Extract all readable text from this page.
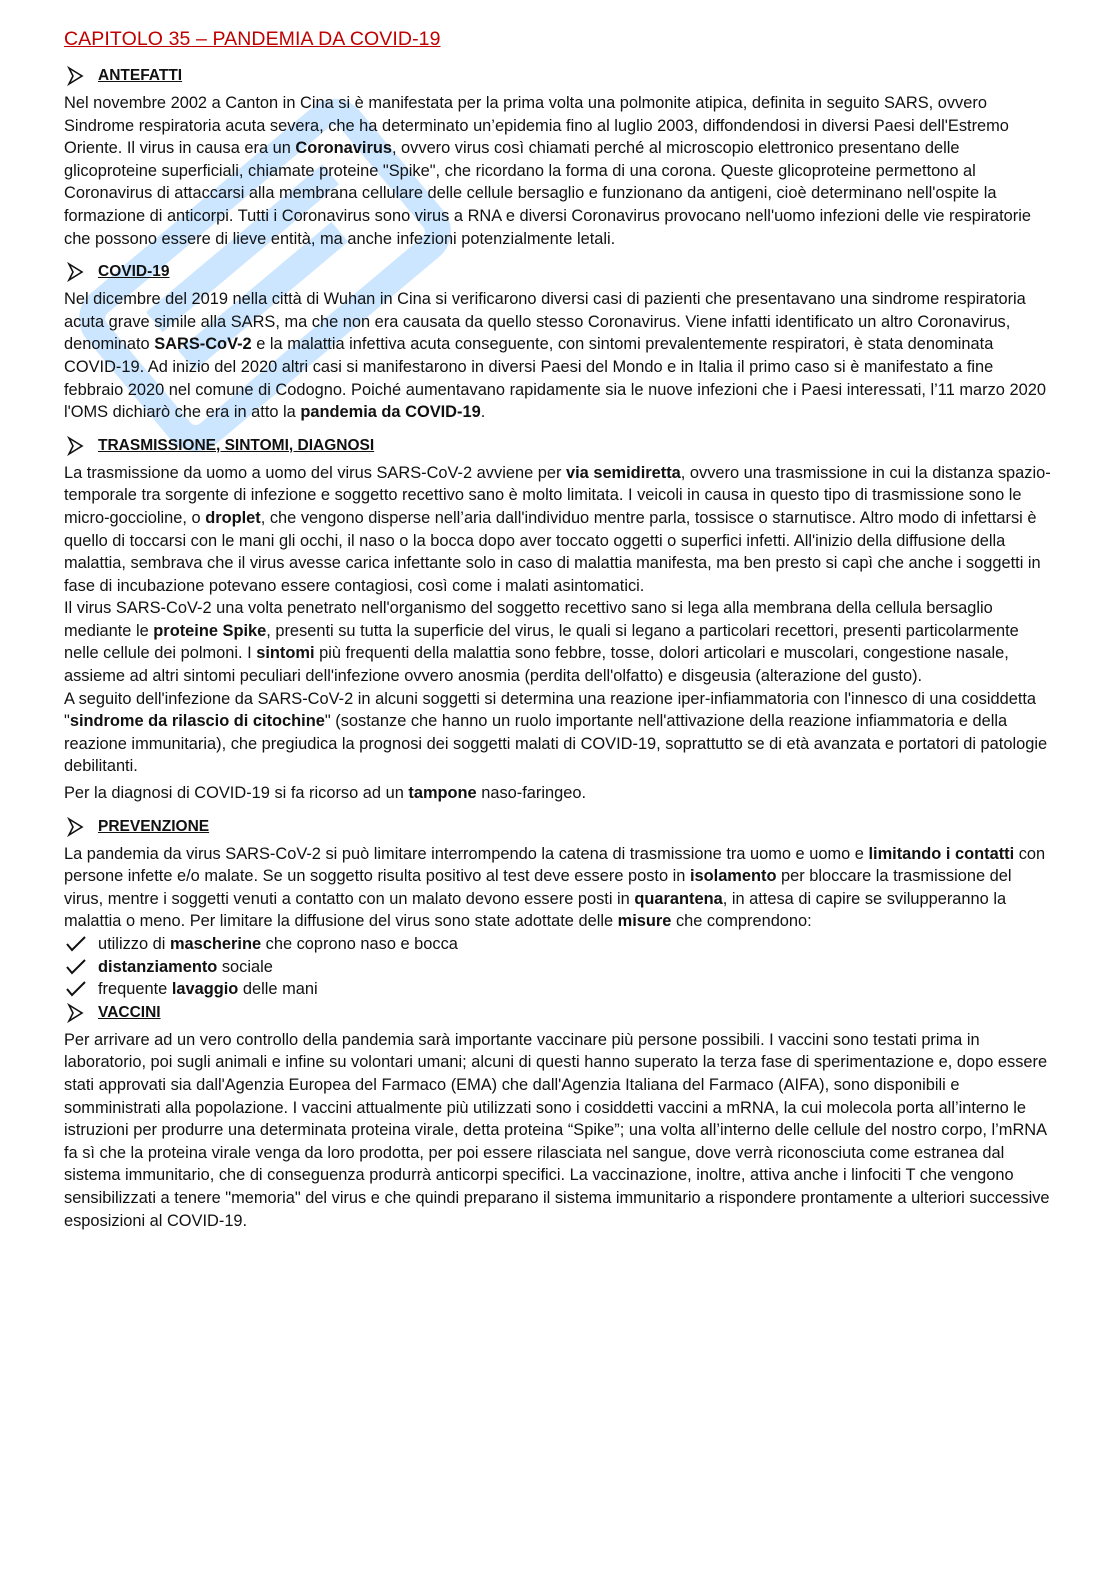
CAPITOLO 35 – PANDEMIA DA COVID-19
ANTEFATTI

Nel novembre 2002 a Canton in Cina si è manifestata per la prima volta una polmonite atipica, definita in seguito SARS, ovvero Sindrome respiratoria acuta severa, che ha determinato un’epidemia fino al luglio 2003, diffondendosi in diversi Paesi dell'Estremo Oriente. Il virus in causa era un Coronavirus, ovvero virus così chiamati perché al microscopio elettronico presentano delle glicoproteine superficiali, chiamate proteine "Spike", che ricordano la forma di una corona. Queste glicoproteine permettono al Coronavirus di attaccarsi alla membrana cellulare delle cellule bersaglio e funzionano da antigeni, cioè determinano nell'ospite la formazione di anticorpi. Tutti i Coronavirus sono virus a RNA e diversi Coronavirus provocano nell'uomo infezioni delle vie respiratorie che possono essere di lieve entità, ma anche infezioni potenzialmente letali.

COVID-19

Nel dicembre del 2019 nella città di Wuhan in Cina si verificarono diversi casi di pazienti che presentavano una sindrome respiratoria acuta grave simile alla SARS, ma che non era causata da quello stesso Coronavirus. Viene infatti identificato un altro Coronavirus, denominato SARS-CoV-2 e la malattia infettiva acuta conseguente, con sintomi prevalentemente respiratori, è stata denominata COVID-19. Ad inizio del 2020 altri casi si manifestarono in diversi Paesi del Mondo e in Italia il primo caso si è manifestato a fine febbraio 2020 nel comune di Codogno. Poiché aumentavano rapidamente sia le nuove infezioni che i Paesi interessati, l’11 marzo 2020 l'OMS dichiarò che era in atto la pandemia da COVID-19.

TRASMISSIONE, SINTOMI, DIAGNOSI

La trasmissione da uomo a uomo del virus SARS-CoV-2 avviene per via semidiretta, ovvero una trasmissione in cui la distanza spazio-temporale tra sorgente di infezione e soggetto recettivo sano è molto limitata. I veicoli in causa in questo tipo di trasmissione sono le micro-goccioline, o droplet, che vengono disperse nell’aria dall'individuo mentre parla, tossisce o starnutisce. Altro modo di infettarsi è quello di toccarsi con le mani gli occhi, il naso o la bocca dopo aver toccato oggetti o superfici infetti. All'inizio della diffusione della malattia, sembrava che il virus avesse carica infettante solo in caso di malattia manifesta, ma ben presto si capì che anche i soggetti in fase di incubazione potevano essere contagiosi, così come i malati asintomatici.

Il virus SARS-CoV-2 una volta penetrato nell'organismo del soggetto recettivo sano si lega alla membrana della cellula bersaglio mediante le proteine Spike, presenti su tutta la superficie del virus, le quali si legano a particolari recettori, presenti particolarmente nelle cellule dei polmoni. I sintomi più frequenti della malattia sono febbre, tosse, dolori articolari e muscolari, congestione nasale, assieme ad altri sintomi peculiari dell'infezione ovvero anosmia (perdita dell'olfatto) e disgeusia (alterazione del gusto).

A seguito dell'infezione da SARS-CoV-2 in alcuni soggetti si determina una reazione iper-infiammatoria con l'innesco di una cosiddetta "sindrome da rilascio di citochine" (sostanze che hanno un ruolo importante nell'attivazione della reazione infiammatoria e della reazione immunitaria), che pregiudica la prognosi dei soggetti malati di COVID-19, soprattutto se di età avanzata e portatori di patologie debilitanti.

Per la diagnosi di COVID-19 si fa ricorso ad un tampone naso-faringeo.

PREVENZIONE

La pandemia da virus SARS-CoV-2 si può limitare interrompendo la catena di trasmissione tra uomo e uomo e limitando i contatti con persone infette e/o malate. Se un soggetto risulta positivo al test deve essere posto in isolamento per bloccare la trasmissione del virus, mentre i soggetti venuti a contatto con un malato devono essere posti in quarantena, in attesa di capire se svilupperanno la malattia o meno. Per limitare la diffusione del virus sono state adottate delle misure che comprendono:

utilizzo di mascherine che coprono naso e bocca
distanziamento sociale
frequente lavaggio delle mani
VACCINI

Per arrivare ad un vero controllo della pandemia sarà importante vaccinare più persone possibili. I vaccini sono testati prima in laboratorio, poi sugli animali e infine su volontari umani; alcuni di questi hanno superato la terza fase di sperimentazione e, dopo essere stati approvati sia dall'Agenzia Europea del Farmaco (EMA) che dall'Agenzia Italiana del Farmaco (AIFA), sono disponibili e somministrati alla popolazione. I vaccini attualmente più utilizzati sono i cosiddetti vaccini a mRNA, la cui molecola porta all’interno le istruzioni per produrre una determinata proteina virale, detta proteina “Spike”; una volta all’interno delle cellule del nostro corpo, l’mRNA fa sì che la proteina virale venga da loro prodotta, per poi essere rilasciata nel sangue, dove verrà riconosciuta come estranea dal sistema immunitario, che di conseguenza produrrà anticorpi specifici. La vaccinazione, inoltre, attiva anche i linfociti T che vengono sensibilizzati a tenere "memoria" del virus e che quindi preparano il sistema immunitario a rispondere prontamente a ulteriori successive esposizioni al COVID-19.
